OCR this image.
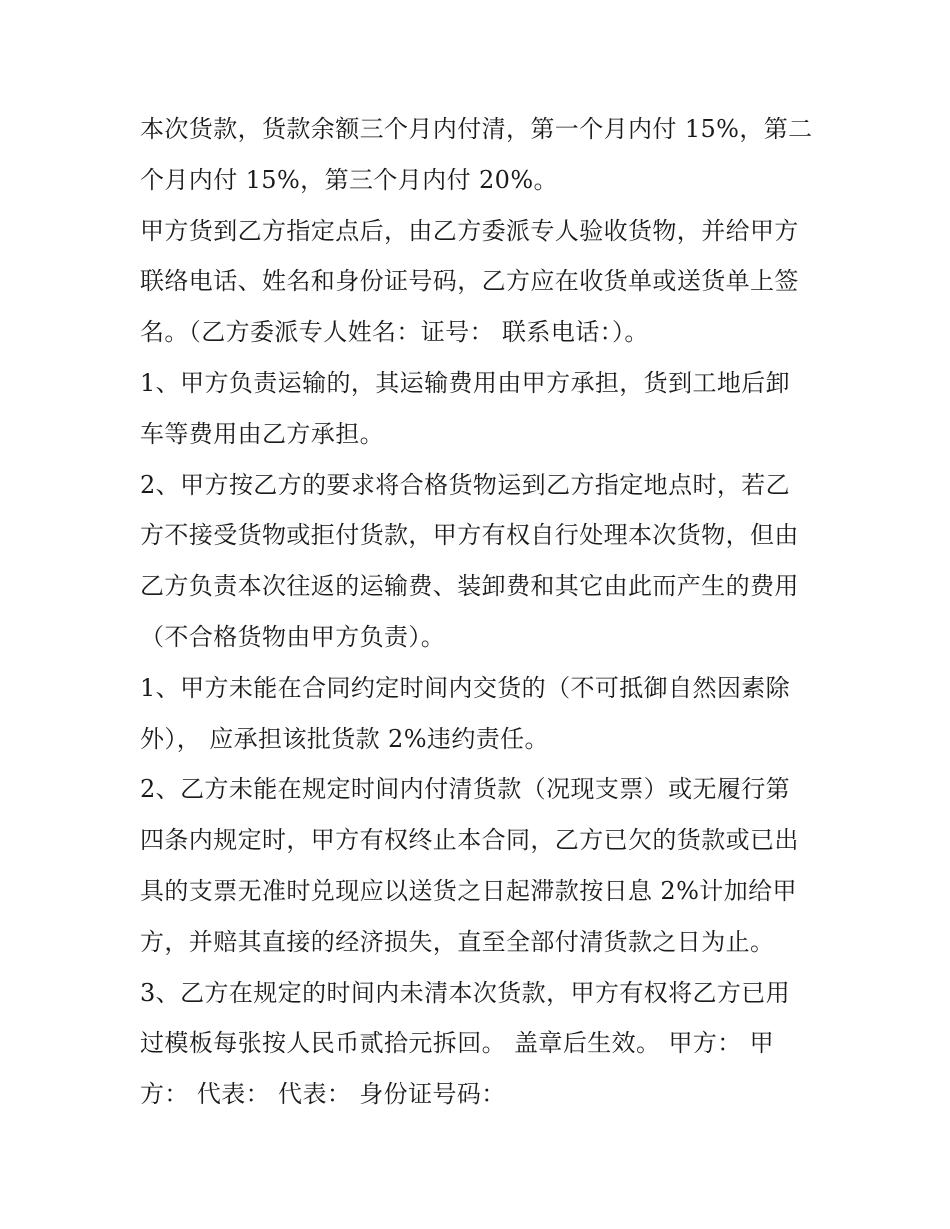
本次货款，货款余额三个月内付清，第一个月内付 15%，第二
个月内付 15%，第三个月内付 20%。
甲方货到乙方指定点后，由乙方委派专人验收货物，并给甲方
联络电话、姓名和身份证号码，乙方应在收货单或送货单上签
名。（乙方委派专人姓名：证号： 联系电话：）。
1、甲方负责运输的，其运输费用由甲方承担，货到工地后卸
车等费用由乙方承担。
2、甲方按乙方的要求将合格货物运到乙方指定地点时，若乙
方不接受货物或拒付货款，甲方有权自行处理本次货物，但由
乙方负责本次往返的运输费、装卸费和其它由此而产生的费用
（不合格货物由甲方负责）。
1、甲方未能在合同约定时间内交货的（不可抵御自然因素除
外）， 应承担该批货款 2%违约责任。
2、乙方未能在规定时间内付清货款（况现支票）或无履行第
四条内规定时，甲方有权终止本合同，乙方已欠的货款或已出
具的支票无准时兑现应以送货之日起滞款按日息 2%计加给甲
方，并赔其直接的经济损失，直至全部付清货款之日为止。
3、乙方在规定的时间内未清本次货款，甲方有权将乙方已用
过模板每张按人民币贰拾元拆回。 盖章后生效。 甲方： 甲
方： 代表： 代表： 身份证号码：
